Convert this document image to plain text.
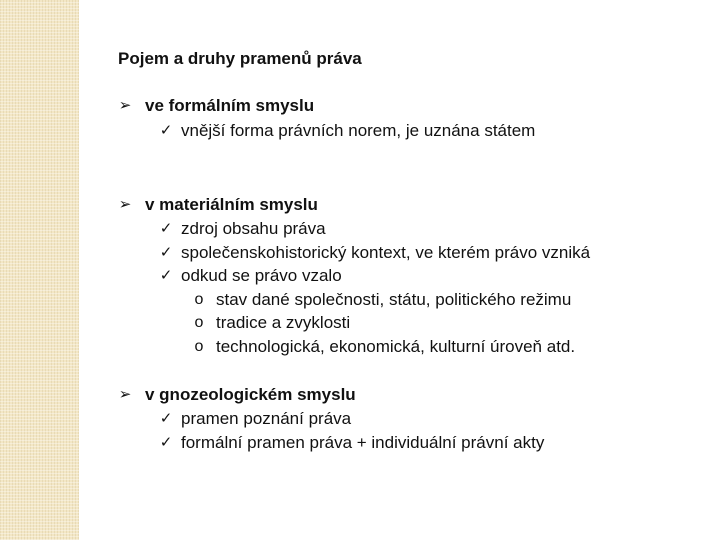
Pojem a druhy pramenů práva
➢ ve formálním smyslu
✓ vnější forma právních norem, je uznána státem
➢ v materiálním smyslu
✓ zdroj obsahu práva
✓ společenskohistorický kontext, ve kterém právo vzniká
✓ odkud se právo vzalo
o stav dané společnosti, státu, politického režimu
o tradice a zvyklosti
o technologická, ekonomická, kulturní úroveň atd.
➢ v gnozeologickém smyslu
✓ pramen poznání práva
✓ formální pramen práva + individuální právní akty
